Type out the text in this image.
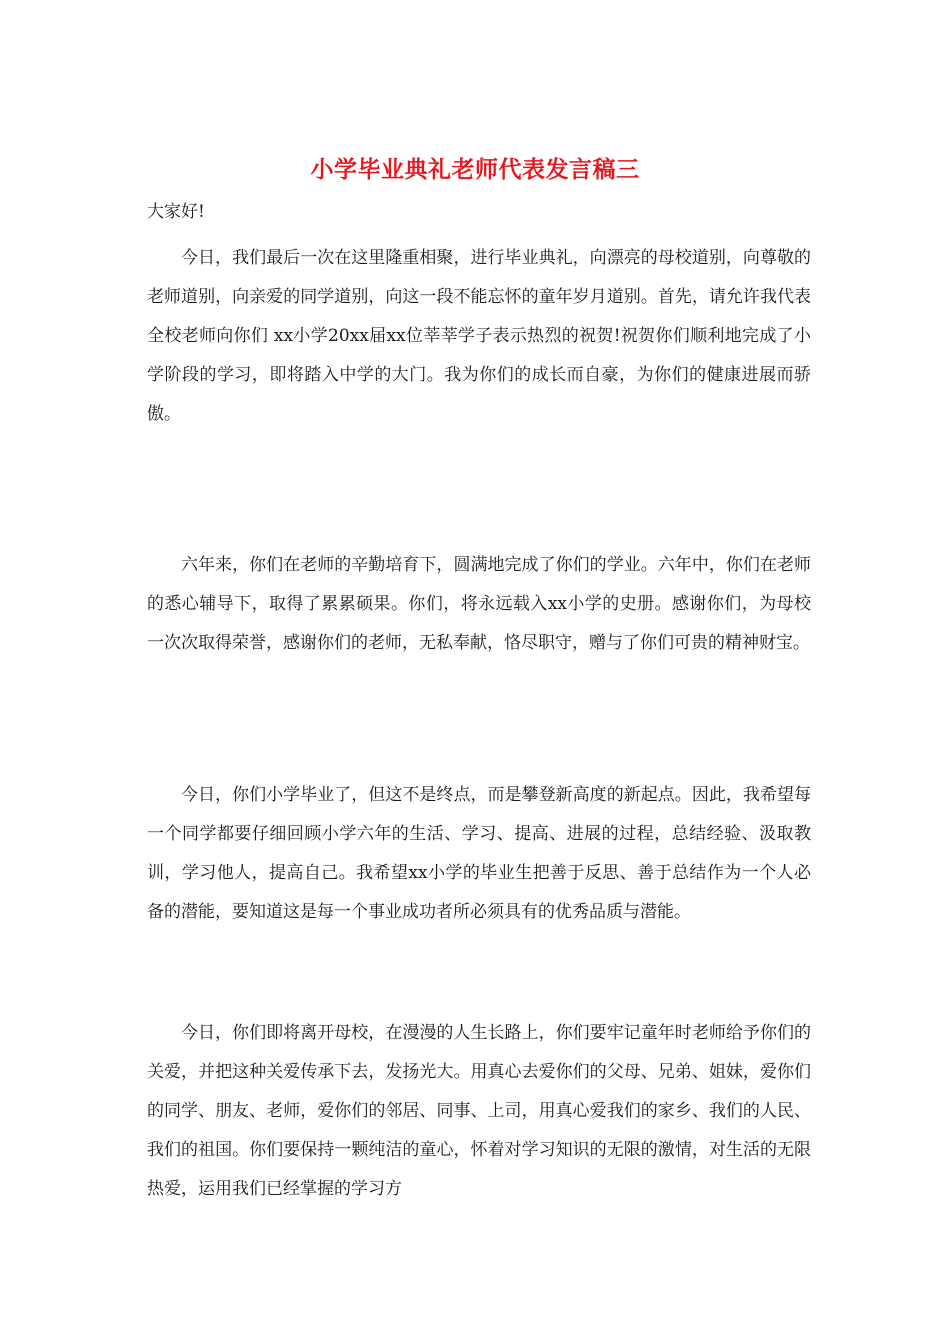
小学毕业典礼老师代表发言稿三

大家好!

今日，我们最后一次在这里隆重相聚，进行毕业典礼，向漂亮的母校道别，向尊敬的老师道别，向亲爱的同学道别，向这一段不能忘怀的童年岁月道别。首先，请允许我代表全校老师向你们 xx小学20xx届xx位莘莘学子表示热烈的祝贺!祝贺你们顺利地完成了小学阶段的学习，即将踏入中学的大门。我为你们的成长而自豪，为你们的健康进展而骄傲。

六年来，你们在老师的辛勤培育下，圆满地完成了你们的学业。六年中，你们在老师的悉心辅导下，取得了累累硕果。你们，将永远载入xx小学的史册。感谢你们，为母校一次次取得荣誉，感谢你们的老师，无私奉献，恪尽职守，赠与了你们可贵的精神财宝。

今日，你们小学毕业了，但这不是终点，而是攀登新高度的新起点。因此，我希望每一个同学都要仔细回顾小学六年的生活、学习、提高、进展的过程，总结经验、汲取教训，学习他人，提高自己。我希望xx小学的毕业生把善于反思、善于总结作为一个人必备的潜能，要知道这是每一个事业成功者所必须具有的优秀品质与潜能。

今日，你们即将离开母校，在漫漫的人生长路上，你们要牢记童年时老师给予你们的关爱，并把这种关爱传承下去，发扬光大。用真心去爱你们的父母、兄弟、姐妹，爱你们的同学、朋友、老师，爱你们的邻居、同事、上司，用真心爱我们的家乡、我们的人民、我们的祖国。你们要保持一颗纯洁的童心，怀着对学习知识的无限的激情，对生活的无限热爱，运用我们已经掌握的学习方
